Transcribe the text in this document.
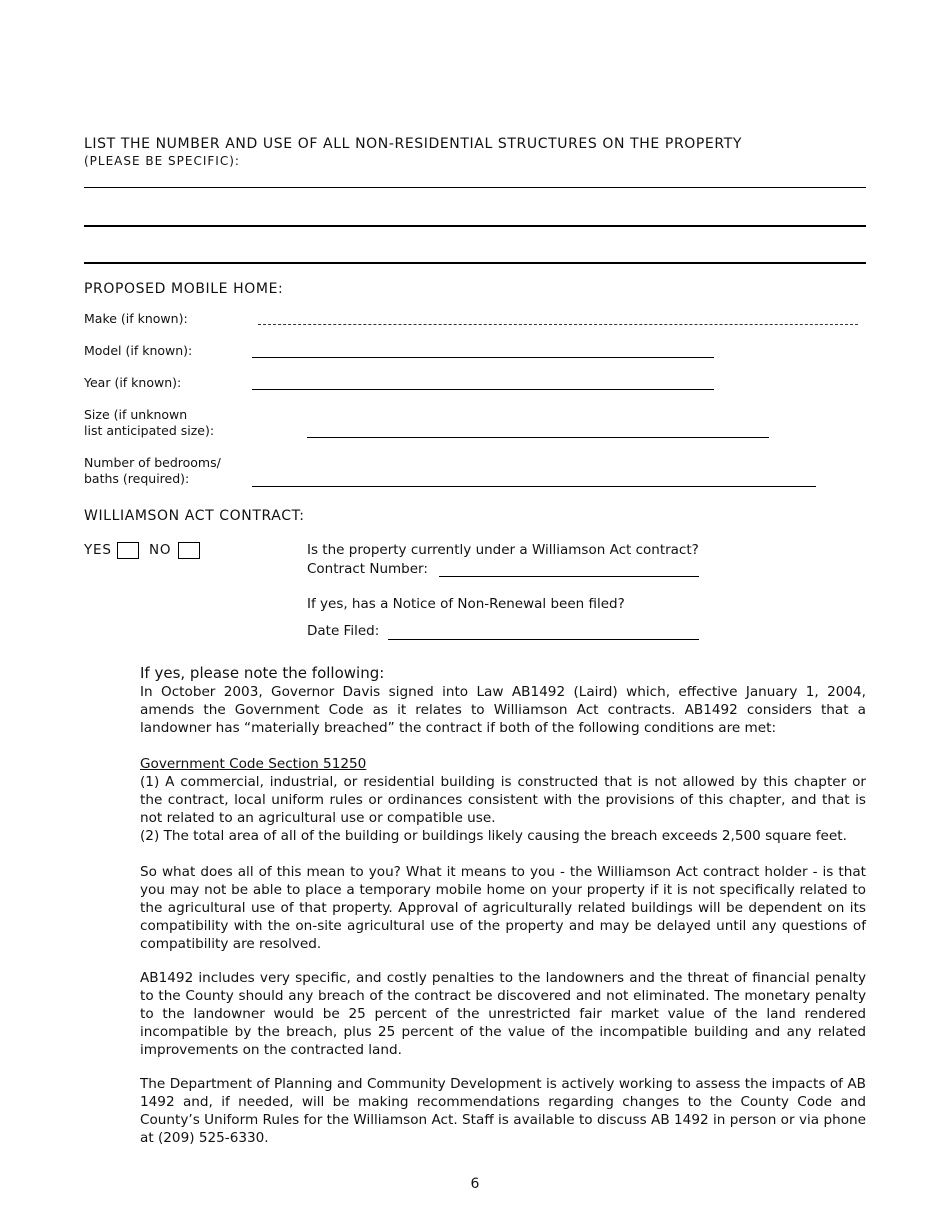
LIST THE NUMBER AND USE OF ALL NON-RESIDENTIAL STRUCTURES ON THE PROPERTY
(PLEASE BE SPECIFIC):
PROPOSED MOBILE HOME:
Make (if known):
Model (if known):
Year (if known):
Size (if unknown
list anticipated size):
Number of bedrooms/
baths (required):
WILLIAMSON ACT CONTRACT:
YES	NO	Is the property currently under a Williamson Act contract?
Contract Number:
If yes, has a Notice of Non-Renewal been filed?
Date Filed:
If yes, please note the following:

In October 2003, Governor Davis signed into Law AB1492 (Laird) which, effective January 1, 2004, amends the Government Code as it relates to Williamson Act contracts. AB1492 considers that a landowner has “materially breached” the contract if both of the following conditions are met:

Government Code Section 51250

(1) A commercial, industrial, or residential building is constructed that is not allowed by this chapter or the contract, local uniform rules or ordinances consistent with the provisions of this chapter, and that is not related to an agricultural use or compatible use.

(2) The total area of all of the building or buildings likely causing the breach exceeds 2,500 square feet.

So what does all of this mean to you? What it means to you - the Williamson Act contract holder - is that you may not be able to place a temporary mobile home on your property if it is not specifically related to the agricultural use of that property. Approval of agriculturally related buildings will be dependent on its compatibility with the on-site agricultural use of the property and may be delayed until any questions of compatibility are resolved.

AB1492 includes very specific, and costly penalties to the landowners and the threat of financial penalty to the County should any breach of the contract be discovered and not eliminated. The monetary penalty to the landowner would be 25 percent of the unrestricted fair market value of the land rendered incompatible by the breach, plus 25 percent of the value of the incompatible building and any related improvements on the contracted land.

The Department of Planning and Community Development is actively working to assess the impacts of AB 1492 and, if needed, will be making recommendations regarding changes to the County Code and County’s Uniform Rules for the Williamson Act. Staff is available to discuss AB 1492 in person or via phone at (209) 525-6330.

6
